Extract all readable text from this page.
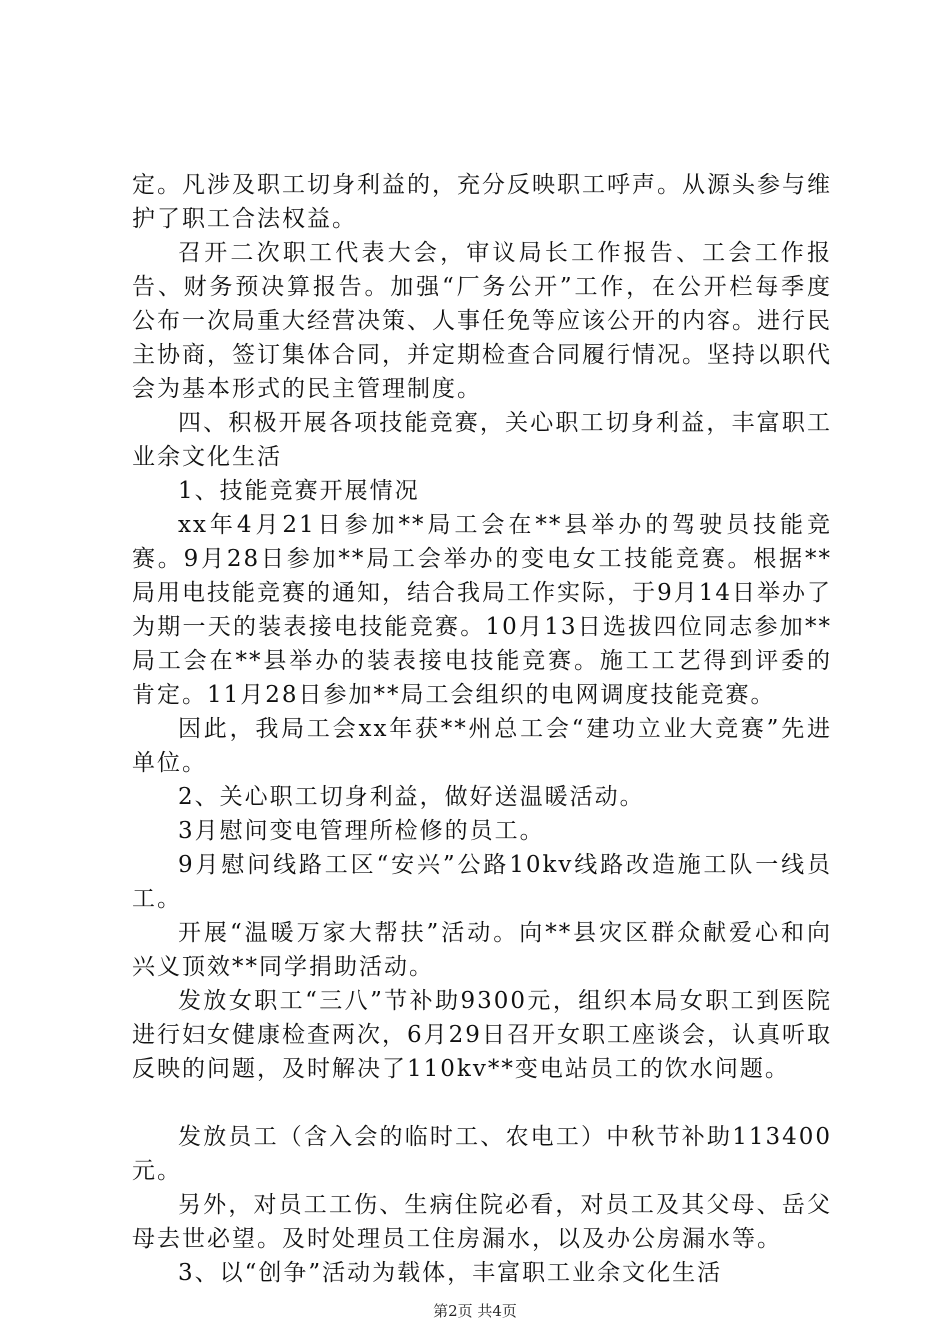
定。凡涉及职工切身利益的，充分反映职工呼声。从源头参与维护了职工合法权益。

召开二次职工代表大会，审议局长工作报告、工会工作报告、财务预决算报告。加强“厂务公开”工作，在公开栏每季度公布一次局重大经营决策、人事任免等应该公开的内容。进行民主协商，签订集体合同，并定期检查合同履行情况。坚持以职代会为基本形式的民主管理制度。

四、积极开展各项技能竞赛，关心职工切身利益，丰富职工业余文化生活

1、技能竞赛开展情况

xx年4月21日参加**局工会在**县举办的驾驶员技能竞赛。9月28日参加**局工会举办的变电女工技能竞赛。根据**局用电技能竞赛的通知，结合我局工作实际，于9月14日举办了为期一天的装表接电技能竞赛。10月13日选拔四位同志参加**局工会在**县举办的装表接电技能竞赛。施工工艺得到评委的肯定。11月28日参加**局工会组织的电网调度技能竞赛。

因此，我局工会xx年获**州总工会“建功立业大竞赛”先进单位。

2、关心职工切身利益，做好送温暖活动。

3月慰问变电管理所检修的员工。

9月慰问线路工区“安兴”公路10kv线路改造施工队一线员工。

开展“温暖万家大帮扶”活动。向**县灾区群众献爱心和向兴义顶效**同学捐助活动。

发放女职工“三八”节补助9300元，组织本局女职工到医院进行妇女健康检查两次，6月29日召开女职工座谈会，认真听取反映的问题，及时解决了110kv**变电站员工的饮水问题。

发放员工（含入会的临时工、农电工）中秋节补助113400元。

另外，对员工工伤、生病住院必看，对员工及其父母、岳父母去世必望。及时处理员工住房漏水，以及办公房漏水等。

3、以“创争”活动为载体，丰富职工业余文化生活

第2页 共4页
